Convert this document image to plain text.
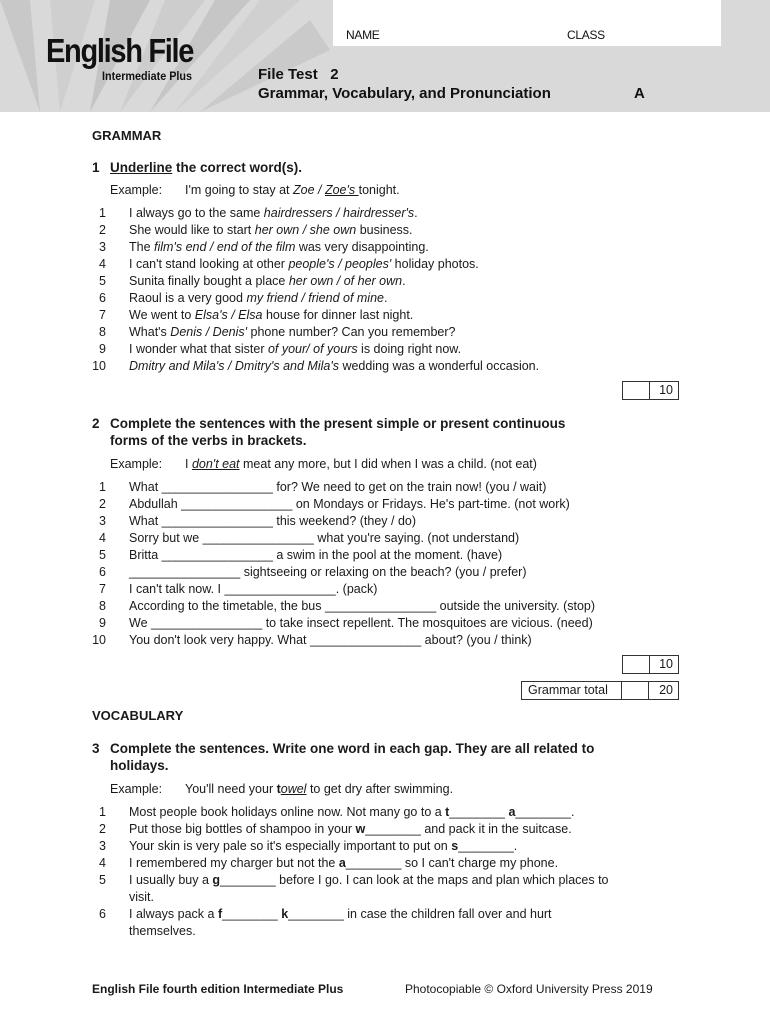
English File
Intermediate Plus
NAME	CLASS
File Test   2
Grammar, Vocabulary, and Pronunciation	A
GRAMMAR
1 Underline the correct word(s).
Example: I'm going to stay at Zoe / Zoe's tonight.
1 I always go to the same hairdressers / hairdresser's.
2 She would like to start her own / she own business.
3 The film's end / end of the film was very disappointing.
4 I can't stand looking at other people's / peoples' holiday photos.
5 Sunita finally bought a place her own / of her own.
6 Raoul is a very good my friend / friend of mine.
7 We went to Elsa's / Elsa house for dinner last night.
8 What's Denis / Denis' phone number? Can you remember?
9 I wonder what that sister of your/ of yours is doing right now.
10 Dmitry and Mila's / Dmitry's and Mila's wedding was a wonderful occasion.
10
2 Complete the sentences with the present simple or present continuous
forms of the verbs in brackets.
Example: I don't eat meat any more, but I did when I was a child. (not eat)
1 What ________________ for? We need to get on the train now! (you / wait)
2 Abdullah ________________ on Mondays or Fridays. He's part-time. (not work)
3 What ________________ this weekend? (they / do)
4 Sorry but we ________________ what you're saying. (not understand)
5 Britta ________________ a swim in the pool at the moment. (have)
6 ________________ sightseeing or relaxing on the beach? (you / prefer)
7 I can't talk now. I ________________. (pack)
8 According to the timetable, the bus ________________ outside the university. (stop)
9 We ________________ to take insect repellent. The mosquitoes are vicious. (need)
10 You don't look very happy. What ________________ about? (you / think)
10
Grammar total	20
VOCABULARY
3 Complete the sentences. Write one word in each gap. They are all related to
holidays.
Example: You'll need your towel to get dry after swimming.
1 Most people book holidays online now. Not many go to a t________ a________.
2 Put those big bottles of shampoo in your w________ and pack it in the suitcase.
3 Your skin is very pale so it's especially important to put on s________.
4 I remembered my charger but not the a________ so I can't charge my phone.
5 I usually buy a g________ before I go. I can look at the maps and plan which places to
visit.
6 I always pack a f________ k________ in case the children fall over and hurt
themselves.
English File fourth edition Intermediate Plus	Photocopiable © Oxford University Press 2019
